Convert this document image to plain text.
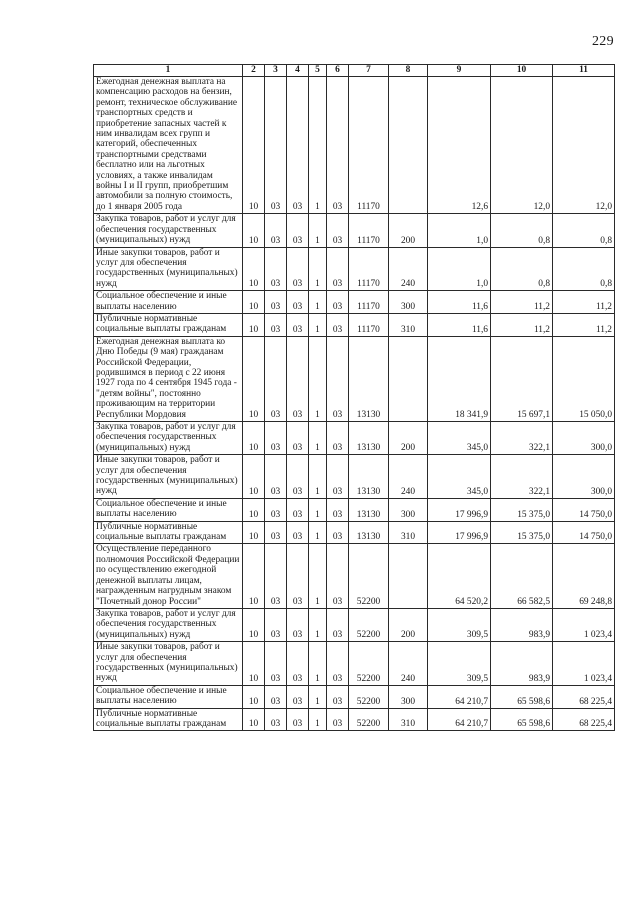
229
1	2	3	4	5	6	7	8	9	10	11
Ежегодная денежная выплата на компенсацию расходов на бензин, ремонт, техническое обслуживание транспортных средств и приобретение запасных частей к ним инвалидам всех групп и категорий, обеспеченных транспортными средствами бесплатно или на льготных условиях, а также инвалидам войны I и II групп, приобретшим автомобили за полную стоимость, до 1 января 2005 года	10	03	03	1	03	11170		12,6	12,0	12,0
Закупка товаров, работ и услуг для обеспечения государственных (муниципальных) нужд	10	03	03	1	03	11170	200	1,0	0,8	0,8
Иные закупки товаров, работ и услуг для обеспечения государственных (муниципальных) нужд	10	03	03	1	03	11170	240	1,0	0,8	0,8
Социальное обеспечение и иные выплаты населению	10	03	03	1	03	11170	300	11,6	11,2	11,2
Публичные нормативные социальные выплаты гражданам	10	03	03	1	03	11170	310	11,6	11,2	11,2
Ежегодная денежная выплата ко Дню Победы (9 мая) гражданам Российской Федерации, родившимся в период с 22 июня 1927 года по 4 сентября 1945 года - "детям войны", постоянно проживающим на территории Республики Мордовия	10	03	03	1	03	13130		18 341,9	15 697,1	15 050,0
Закупка товаров, работ и услуг для обеспечения государственных (муниципальных) нужд	10	03	03	1	03	13130	200	345,0	322,1	300,0
Иные закупки товаров, работ и услуг для обеспечения государственных (муниципальных) нужд	10	03	03	1	03	13130	240	345,0	322,1	300,0
Социальное обеспечение и иные выплаты населению	10	03	03	1	03	13130	300	17 996,9	15 375,0	14 750,0
Публичные нормативные социальные выплаты гражданам	10	03	03	1	03	13130	310	17 996,9	15 375,0	14 750,0
Осуществление переданного полномочия Российской Федерации по осуществлению ежегодной денежной выплаты лицам, награжденным нагрудным знаком "Почетный донор России"	10	03	03	1	03	52200		64 520,2	66 582,5	69 248,8
Закупка товаров, работ и услуг для обеспечения государственных (муниципальных) нужд	10	03	03	1	03	52200	200	309,5	983,9	1 023,4
Иные закупки товаров, работ и услуг для обеспечения государственных (муниципальных) нужд	10	03	03	1	03	52200	240	309,5	983,9	1 023,4
Социальное обеспечение и иные выплаты населению	10	03	03	1	03	52200	300	64 210,7	65 598,6	68 225,4
Публичные нормативные социальные выплаты гражданам	10	03	03	1	03	52200	310	64 210,7	65 598,6	68 225,4
